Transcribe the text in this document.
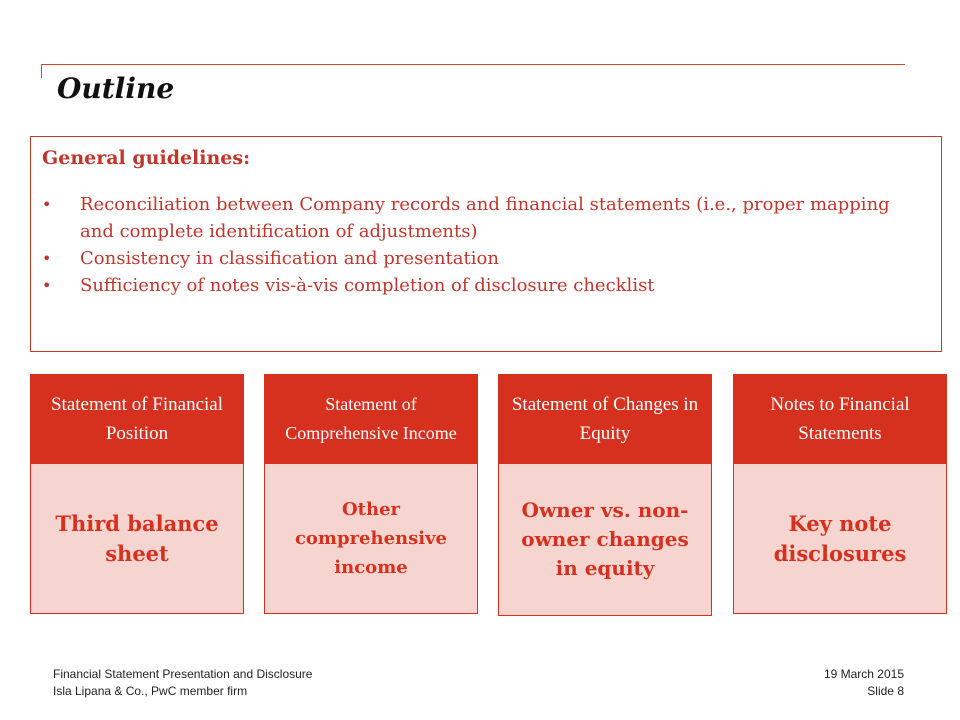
Outline

General guidelines:

• Reconciliation between Company records and financial statements (i.e., proper mapping and complete identification of adjustments)
• Consistency in classification and presentation
• Sufficiency of notes vis-à-vis completion of disclosure checklist
Statement of Financial Position
Third balance sheet
Statement of Comprehensive Income
Other comprehensive income
Statement of Changes in Equity
Owner vs. non-owner changes in equity
Notes to Financial Statements
Key note disclosures
Financial Statement Presentation and Disclosure
Isla Lipana & Co., PwC member firm
19 March 2015
Slide 8
